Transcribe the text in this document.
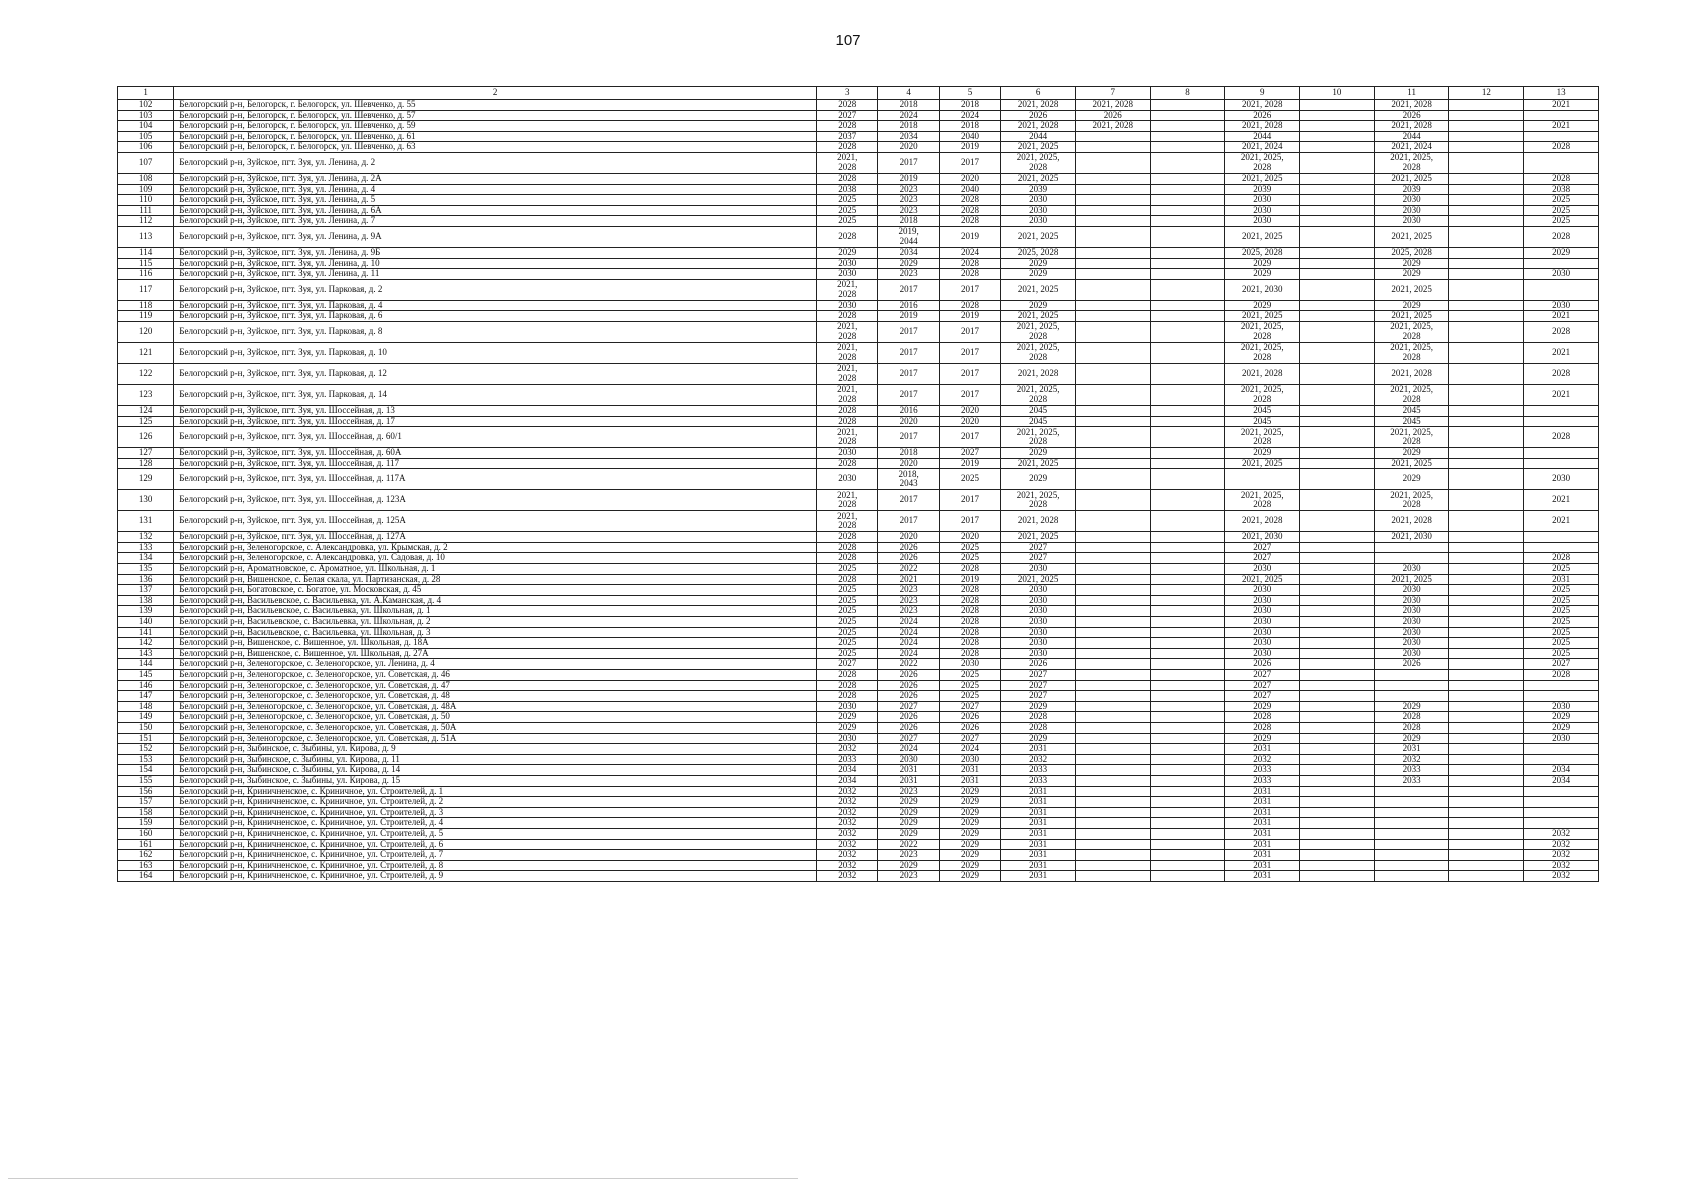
107
1	2	3	4	5	6	7	8	9	10	11	12	13
102	Белогорский р-н, Белогорск, г. Белогорск, ул. Шевченко, д. 55	2028	2018	2018	2021, 2028	2021, 2028		2021, 2028		2021, 2028		2021
103	Белогорский р-н, Белогорск, г. Белогорск, ул. Шевченко, д. 57	2027	2024	2024	2026	2026		2026		2026		
104	Белогорский р-н, Белогорск, г. Белогорск, ул. Шевченко, д. 59	2028	2018	2018	2021, 2028	2021, 2028		2021, 2028		2021, 2028		2021
105	Белогорский р-н, Белогорск, г. Белогорск, ул. Шевченко, д. 61	2037	2034	2040	2044			2044		2044		
106	Белогорский р-н, Белогорск, г. Белогорск, ул. Шевченко, д. 63	2028	2020	2019	2021, 2025			2021, 2024		2021, 2024		2028
107	Белогорский р-н, Зуйское, пгт. Зуя, ул. Ленина, д. 2	2021,
2028	2017	2017	2021, 2025,
2028			2021, 2025,
2028		2021, 2025,
2028		
108	Белогорский р-н, Зуйское, пгт. Зуя, ул. Ленина, д. 2А	2028	2019	2020	2021, 2025			2021, 2025		2021, 2025		2028
109	Белогорский р-н, Зуйское, пгт. Зуя, ул. Ленина, д. 4	2038	2023	2040	2039			2039		2039		2038
110	Белогорский р-н, Зуйское, пгт. Зуя, ул. Ленина, д. 5	2025	2023	2028	2030			2030		2030		2025
111	Белогорский р-н, Зуйское, пгт. Зуя, ул. Ленина, д. 6А	2025	2023	2028	2030			2030		2030		2025
112	Белогорский р-н, Зуйское, пгт. Зуя, ул. Ленина, д. 7	2025	2018	2028	2030			2030		2030		2025
113	Белогорский р-н, Зуйское, пгт. Зуя, ул. Ленина, д. 9А	2028	2019,
2044	2019	2021, 2025			2021, 2025		2021, 2025		2028
114	Белогорский р-н, Зуйское, пгт. Зуя, ул. Ленина, д. 9Б	2029	2034	2024	2025, 2028			2025, 2028		2025, 2028		2029
115	Белогорский р-н, Зуйское, пгт. Зуя, ул. Ленина, д. 10	2030	2029	2028	2029			2029		2029		
116	Белогорский р-н, Зуйское, пгт. Зуя, ул. Ленина, д. 11	2030	2023	2028	2029			2029		2029		2030
117	Белогорский р-н, Зуйское, пгт. Зуя, ул. Парковая, д. 2	2021,
2028	2017	2017	2021, 2025			2021, 2030		2021, 2025		
118	Белогорский р-н, Зуйское, пгт. Зуя, ул. Парковая, д. 4	2030	2016	2028	2029			2029		2029		2030
119	Белогорский р-н, Зуйское, пгт. Зуя, ул. Парковая, д. 6	2028	2019	2019	2021, 2025			2021, 2025		2021, 2025		2021
120	Белогорский р-н, Зуйское, пгт. Зуя, ул. Парковая, д. 8	2021,
2028	2017	2017	2021, 2025,
2028			2021, 2025,
2028		2021, 2025,
2028		2028
121	Белогорский р-н, Зуйское, пгт. Зуя, ул. Парковая, д. 10	2021,
2028	2017	2017	2021, 2025,
2028			2021, 2025,
2028		2021, 2025,
2028		2021
122	Белогорский р-н, Зуйское, пгт. Зуя, ул. Парковая, д. 12	2021,
2028	2017	2017	2021, 2028			2021, 2028		2021, 2028		2028
123	Белогорский р-н, Зуйское, пгт. Зуя, ул. Парковая, д. 14	2021,
2028	2017	2017	2021, 2025,
2028			2021, 2025,
2028		2021, 2025,
2028		2021
124	Белогорский р-н, Зуйское, пгт. Зуя, ул. Шоссейная, д. 13	2028	2016	2020	2045			2045		2045		
125	Белогорский р-н, Зуйское, пгт. Зуя, ул. Шоссейная, д. 17	2028	2020	2020	2045			2045		2045		
126	Белогорский р-н, Зуйское, пгт. Зуя, ул. Шоссейная, д. 60/1	2021,
2028	2017	2017	2021, 2025,
2028			2021, 2025,
2028		2021, 2025,
2028		2028
127	Белогорский р-н, Зуйское, пгт. Зуя, ул. Шоссейная, д. 60А	2030	2018	2027	2029			2029		2029		
128	Белогорский р-н, Зуйское, пгт. Зуя, ул. Шоссейная, д. 117	2028	2020	2019	2021, 2025			2021, 2025		2021, 2025		
129	Белогорский р-н, Зуйское, пгт. Зуя, ул. Шоссейная, д. 117А	2030	2018,
2043	2025	2029					2029		2030
130	Белогорский р-н, Зуйское, пгт. Зуя, ул. Шоссейная, д. 123А	2021,
2028	2017	2017	2021, 2025,
2028			2021, 2025,
2028		2021, 2025,
2028		2021
131	Белогорский р-н, Зуйское, пгт. Зуя, ул. Шоссейная, д. 125А	2021,
2028	2017	2017	2021, 2028			2021, 2028		2021, 2028		2021
132	Белогорский р-н, Зуйское, пгт. Зуя, ул. Шоссейная, д. 127А	2028	2020	2020	2021, 2025			2021, 2030		2021, 2030		
133	Белогорский р-н, Зеленогорское, с. Александровка, ул. Крымская, д. 2	2028	2026	2025	2027			2027				
134	Белогорский р-н, Зеленогорское, с. Александровка, ул. Садовая, д. 10	2028	2026	2025	2027			2027				2028
135	Белогорский р-н, Ароматновское, с. Ароматное, ул. Школьная, д. 1	2025	2022	2028	2030			2030		2030		2025
136	Белогорский р-н, Вишенское, с. Белая скала, ул. Партизанская, д. 28	2028	2021	2019	2021, 2025			2021, 2025		2021, 2025		2031
137	Белогорский р-н, Богатовское, с. Богатое, ул. Московская, д. 45	2025	2023	2028	2030			2030		2030		2025
138	Белогорский р-н, Васильевское, с. Васильевка, ул. А.Каманская, д. 4	2025	2023	2028	2030			2030		2030		2025
139	Белогорский р-н, Васильевское, с. Васильевка, ул. Школьная, д. 1	2025	2023	2028	2030			2030		2030		2025
140	Белогорский р-н, Васильевское, с. Васильевка, ул. Школьная, д. 2	2025	2024	2028	2030			2030		2030		2025
141	Белогорский р-н, Васильевское, с. Васильевка, ул. Школьная, д. 3	2025	2024	2028	2030			2030		2030		2025
142	Белогорский р-н, Вишенское, с. Вишенное, ул. Школьная, д. 18А	2025	2024	2028	2030			2030		2030		2025
143	Белогорский р-н, Вишенское, с. Вишенное, ул. Школьная, д. 27А	2025	2024	2028	2030			2030		2030		2025
144	Белогорский р-н, Зеленогорское, с. Зеленогорское, ул. Ленина, д. 4	2027	2022	2030	2026			2026		2026		2027
145	Белогорский р-н, Зеленогорское, с. Зеленогорское, ул. Советская, д. 46	2028	2026	2025	2027			2027				2028
146	Белогорский р-н, Зеленогорское, с. Зеленогорское, ул. Советская, д. 47	2028	2026	2025	2027			2027				
147	Белогорский р-н, Зеленогорское, с. Зеленогорское, ул. Советская, д. 48	2028	2026	2025	2027			2027				
148	Белогорский р-н, Зеленогорское, с. Зеленогорское, ул. Советская, д. 48А	2030	2027	2027	2029			2029		2029		2030
149	Белогорский р-н, Зеленогорское, с. Зеленогорское, ул. Советская, д. 50	2029	2026	2026	2028			2028		2028		2029
150	Белогорский р-н, Зеленогорское, с. Зеленогорское, ул. Советская, д. 50А	2029	2026	2026	2028			2028		2028		2029
151	Белогорский р-н, Зеленогорское, с. Зеленогорское, ул. Советская, д. 51А	2030	2027	2027	2029			2029		2029		2030
152	Белогорский р-н, Зыбинское, с. Зыбины, ул. Кирова, д. 9	2032	2024	2024	2031			2031		2031		
153	Белогорский р-н, Зыбинское, с. Зыбины, ул. Кирова, д. 11	2033	2030	2030	2032			2032		2032		
154	Белогорский р-н, Зыбинское, с. Зыбины, ул. Кирова, д. 14	2034	2031	2031	2033			2033		2033		2034
155	Белогорский р-н, Зыбинское, с. Зыбины, ул. Кирова, д. 15	2034	2031	2031	2033			2033		2033		2034
156	Белогорский р-н, Криничненское, с. Криничное, ул. Строителей, д. 1	2032	2023	2029	2031			2031				
157	Белогорский р-н, Криничненское, с. Криничное, ул. Строителей, д. 2	2032	2029	2029	2031			2031				
158	Белогорский р-н, Криничненское, с. Криничное, ул. Строителей, д. 3	2032	2029	2029	2031			2031				
159	Белогорский р-н, Криничненское, с. Криничное, ул. Строителей, д. 4	2032	2029	2029	2031			2031				
160	Белогорский р-н, Криничненское, с. Криничное, ул. Строителей, д. 5	2032	2029	2029	2031			2031				2032
161	Белогорский р-н, Криничненское, с. Криничное, ул. Строителей, д. 6	2032	2022	2029	2031			2031				2032
162	Белогорский р-н, Криничненское, с. Криничное, ул. Строителей, д. 7	2032	2023	2029	2031			2031				2032
163	Белогорский р-н, Криничненское, с. Криничное, ул. Строителей, д. 8	2032	2029	2029	2031			2031				2032
164	Белогорский р-н, Криничненское, с. Криничное, ул. Строителей, д. 9	2032	2023	2029	2031			2031				2032
